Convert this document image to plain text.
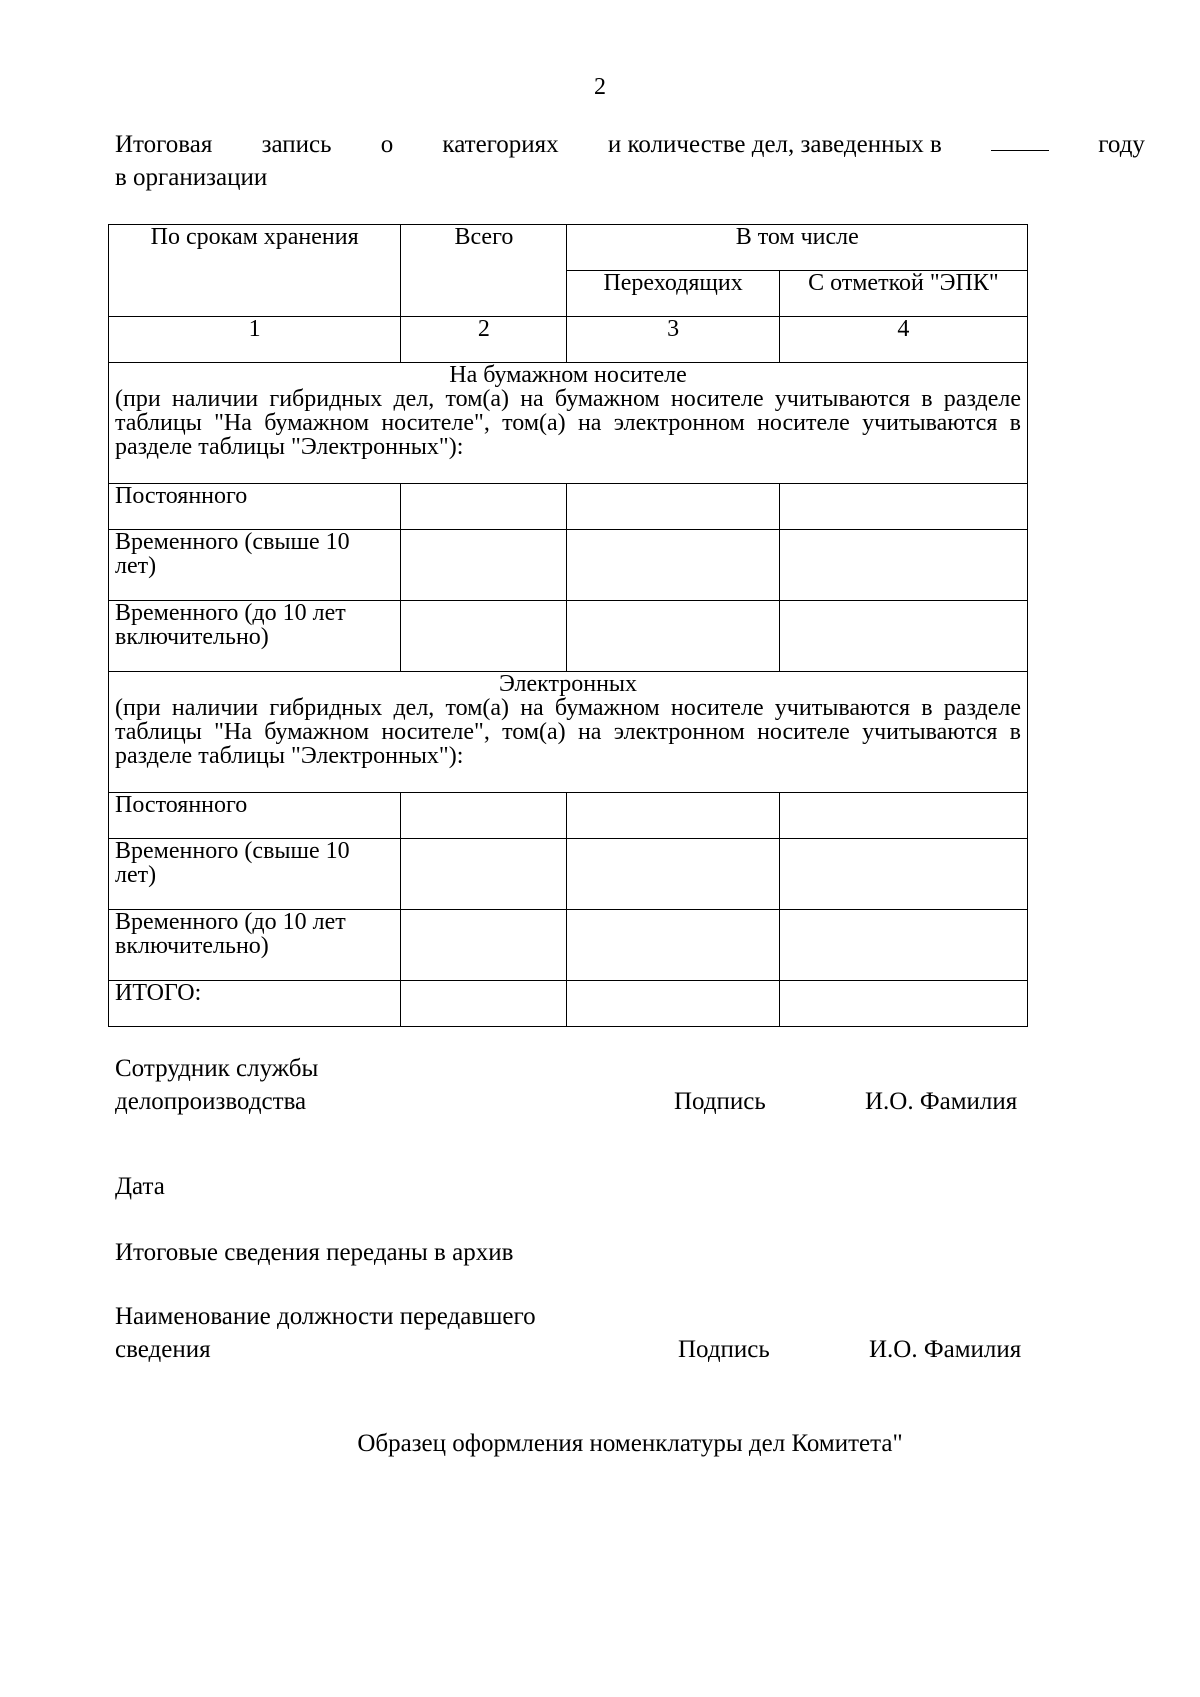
2
Итоговая запись о категориях и количестве дел, заведенных в	году
в организации
По срокам хранения	Всего	В том числе	
		Переходящих	С отметкой "ЭПК"
1	2	3	4

На бумажном носителе
(при наличии гибридных дел, том(а) на бумажном носителе учитываются в разделе таблицы "На бумажном носителе", том(а) на электронном носителе учитываются в разделе таблицы "Электронных"):			

Постоянного			
Временного (свыше 10 лет)			
Временного (до 10 лет включительно)			

Электронных
(при наличии гибридных дел, том(а) на бумажном носителе учитываются в разделе таблицы "На бумажном носителе", том(а) на электронном носителе учитываются в разделе таблицы "Электронных"):			

Постоянного			
Временного (свыше 10 лет)			
Временного (до 10 лет включительно)			
ИТОГО:			
Сотрудник службы
делопроизводства	Подпись	И.О. Фамилия
Дата
Итоговые сведения переданы в архив
Наименование должности передавшего
сведения	Подпись	И.О. Фамилия
Образец оформления номенклатуры дел Комитета"
